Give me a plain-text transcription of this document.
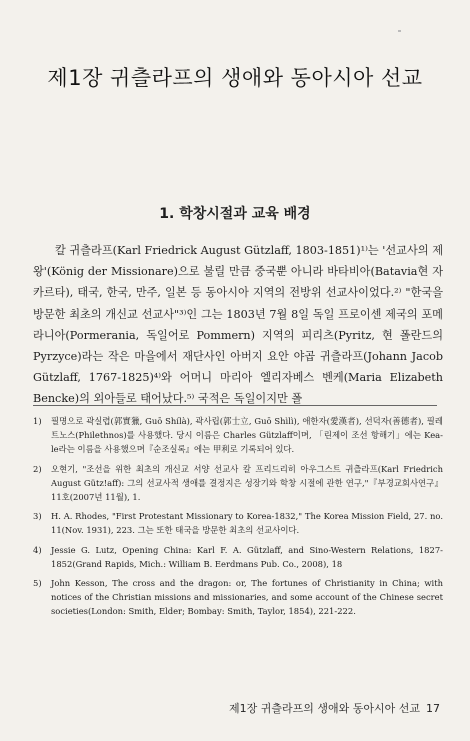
제1장 귀츨라프의 생애와 동아시아 선교
1. 학창시절과 교육 배경

칼 귀츨라프(Karl Friedrick August Gützlaff, 1803-1851)¹⁾는 '선교사의 제왕'(König der Missionare)으로 불릴 만큼 중국뿐 아니라 바타비아(Batavia현 자카르타), 태국, 한국, 만주, 일본 등 동아시아 지역의 전방위 선교사이었다.²⁾ "한국을 방문한 최초의 개신교 선교사"³⁾인 그는 1803년 7월 8일 독일 프로이센 제국의 포메라니아(Pormerania, 독일어로 Pommern) 지역의 피리츠(Pyritz, 현 폴란드의 Pyrzyce)라는 작은 마을에서 재단사인 아버지 요안 야곱 귀츨라프(Johann Jacob Gützlaff, 1767-1825)⁴⁾와 어머니 마리아 엘리자베스 벤케(Maria Elizabeth Bencke)의 외아들로 태어났다.⁵⁾ 국적은 독일이지만 폴

1)	필명으로 곽실렵(郭實獵, Guō Shílà), 곽사립(郭士立, Guō Shìlì), 애한자(愛漢者), 선덕자(善德者), 필레트노스(Philethnos)를 사용했다. 당시 이름은 Charles Gützlaff이며, 「린제이 조선 항해기」에는 Kea-le라는 이름을 사용했으며『순조실록』에는 甲利로 기록되어 있다.
2)	오현기, "조선을 위한 최초의 개신교 서양 선교사 칼 프리드리히 아우그스트 귀츨라프(Karl Friedrich August Gütz!aff): 그의 선교사적 생애를 결정지은 성장기와 학창 시절에 관한 연구,"『부경교회사연구』11호(2007년 11월), 1.
3)	H. A. Rhodes, "First Protestant Missionary to Korea-1832," The Korea Mission Field, 27. no. 11(Nov. 1931), 223. 그는 또한 태국을 방문한 최초의 선교사이다.
4)	Jessie G. Lutz, Opening China: Karl F. A. Gützlaff, and Sino-Western Relations, 1827-1852(Grand Rapids, Mich.: William B. Eerdmans Pub. Co., 2008), 18
5)	John Kesson, The cross and the dragon: or, The fortunes of Christianity in China; with notices of the Christian missions and missionaries, and some account of the Chinese secret societies(London: Smith, Elder; Bombay: Smith, Taylor, 1854), 221-222.
제1장 귀츨라프의 생애와 동아시아 선교 17
